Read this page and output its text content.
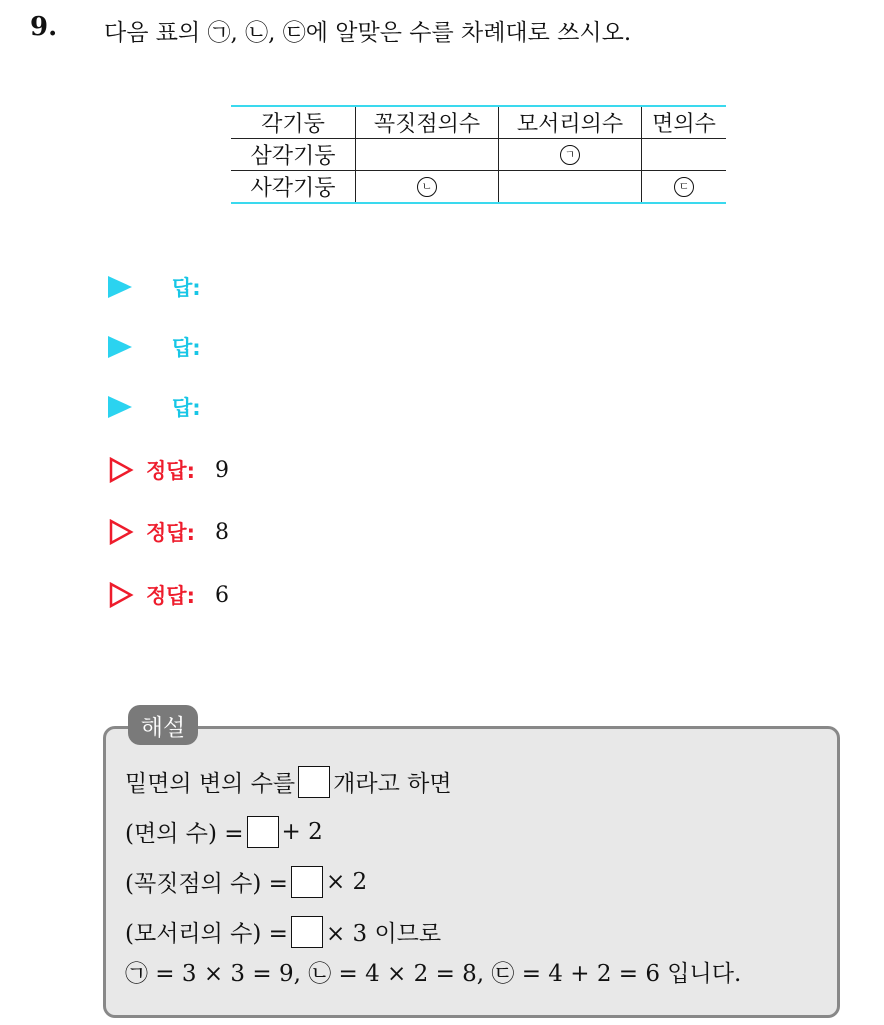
9. 다음 표의 ㉠, ㉡, ㉢에 알맞은 수를 차례대로 쓰시오.
각기둥	꼭짓점의수	모서리의수	면의수
삼각기둥		ㄱ	
사각기둥	ㄴ		ㄷ
답:
답:
답:
정답: 9
정답: 8
정답: 6
해설
밑면의 변의 수를 개라고 하면
(면의 수) = + 2
(꼭짓점의 수) = × 2
(모서리의 수) = × 3 이므로
㉠ = 3 × 3 = 9, ㉡ = 4 × 2 = 8, ㉢ = 4 + 2 = 6 입니다.
